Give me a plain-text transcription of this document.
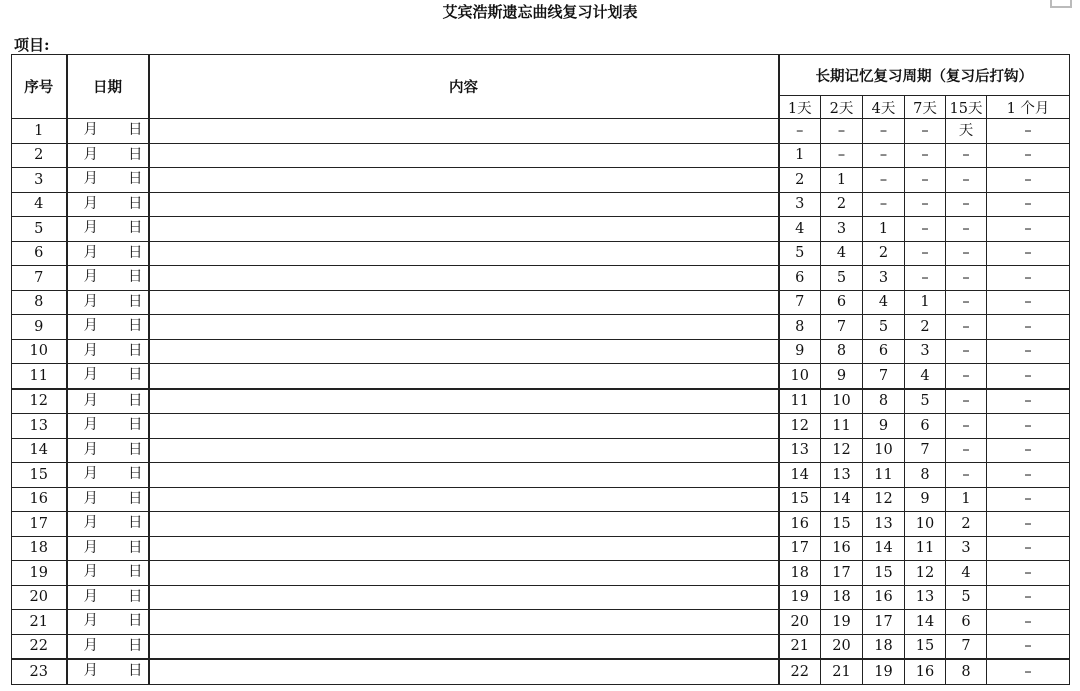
艾宾浩斯遗忘曲线复习计划表
项目:
序号	日期	内容	长期记忆复习周期（复习后打钩）					
			1天	2天	4天	7天	15天	1 个月
1	月 日		–	–	–	–	天	–
2	月 日		1	–	–	–	–	–
3	月 日		2	1	–	–	–	–
4	月 日		3	2	–	–	–	–
5	月 日		4	3	1	–	–	–
6	月 日		5	4	2	–	–	–
7	月 日		6	5	3	–	–	–
8	月 日		7	6	4	1	–	–
9	月 日		8	7	5	2	–	–
10	月 日		9	8	6	3	–	–
11	月 日		10	9	7	4	–	–
12	月 日		11	10	8	5	–	–
13	月 日		12	11	9	6	–	–
14	月 日		13	12	10	7	–	–
15	月 日		14	13	11	8	–	–
16	月 日		15	14	12	9	1	–
17	月 日		16	15	13	10	2	–
18	月 日		17	16	14	11	3	–
19	月 日		18	17	15	12	4	–
20	月 日		19	18	16	13	5	–
21	月 日		20	19	17	14	6	–
22	月 日		21	20	18	15	7	–
23	月 日		22	21	19	16	8	–
